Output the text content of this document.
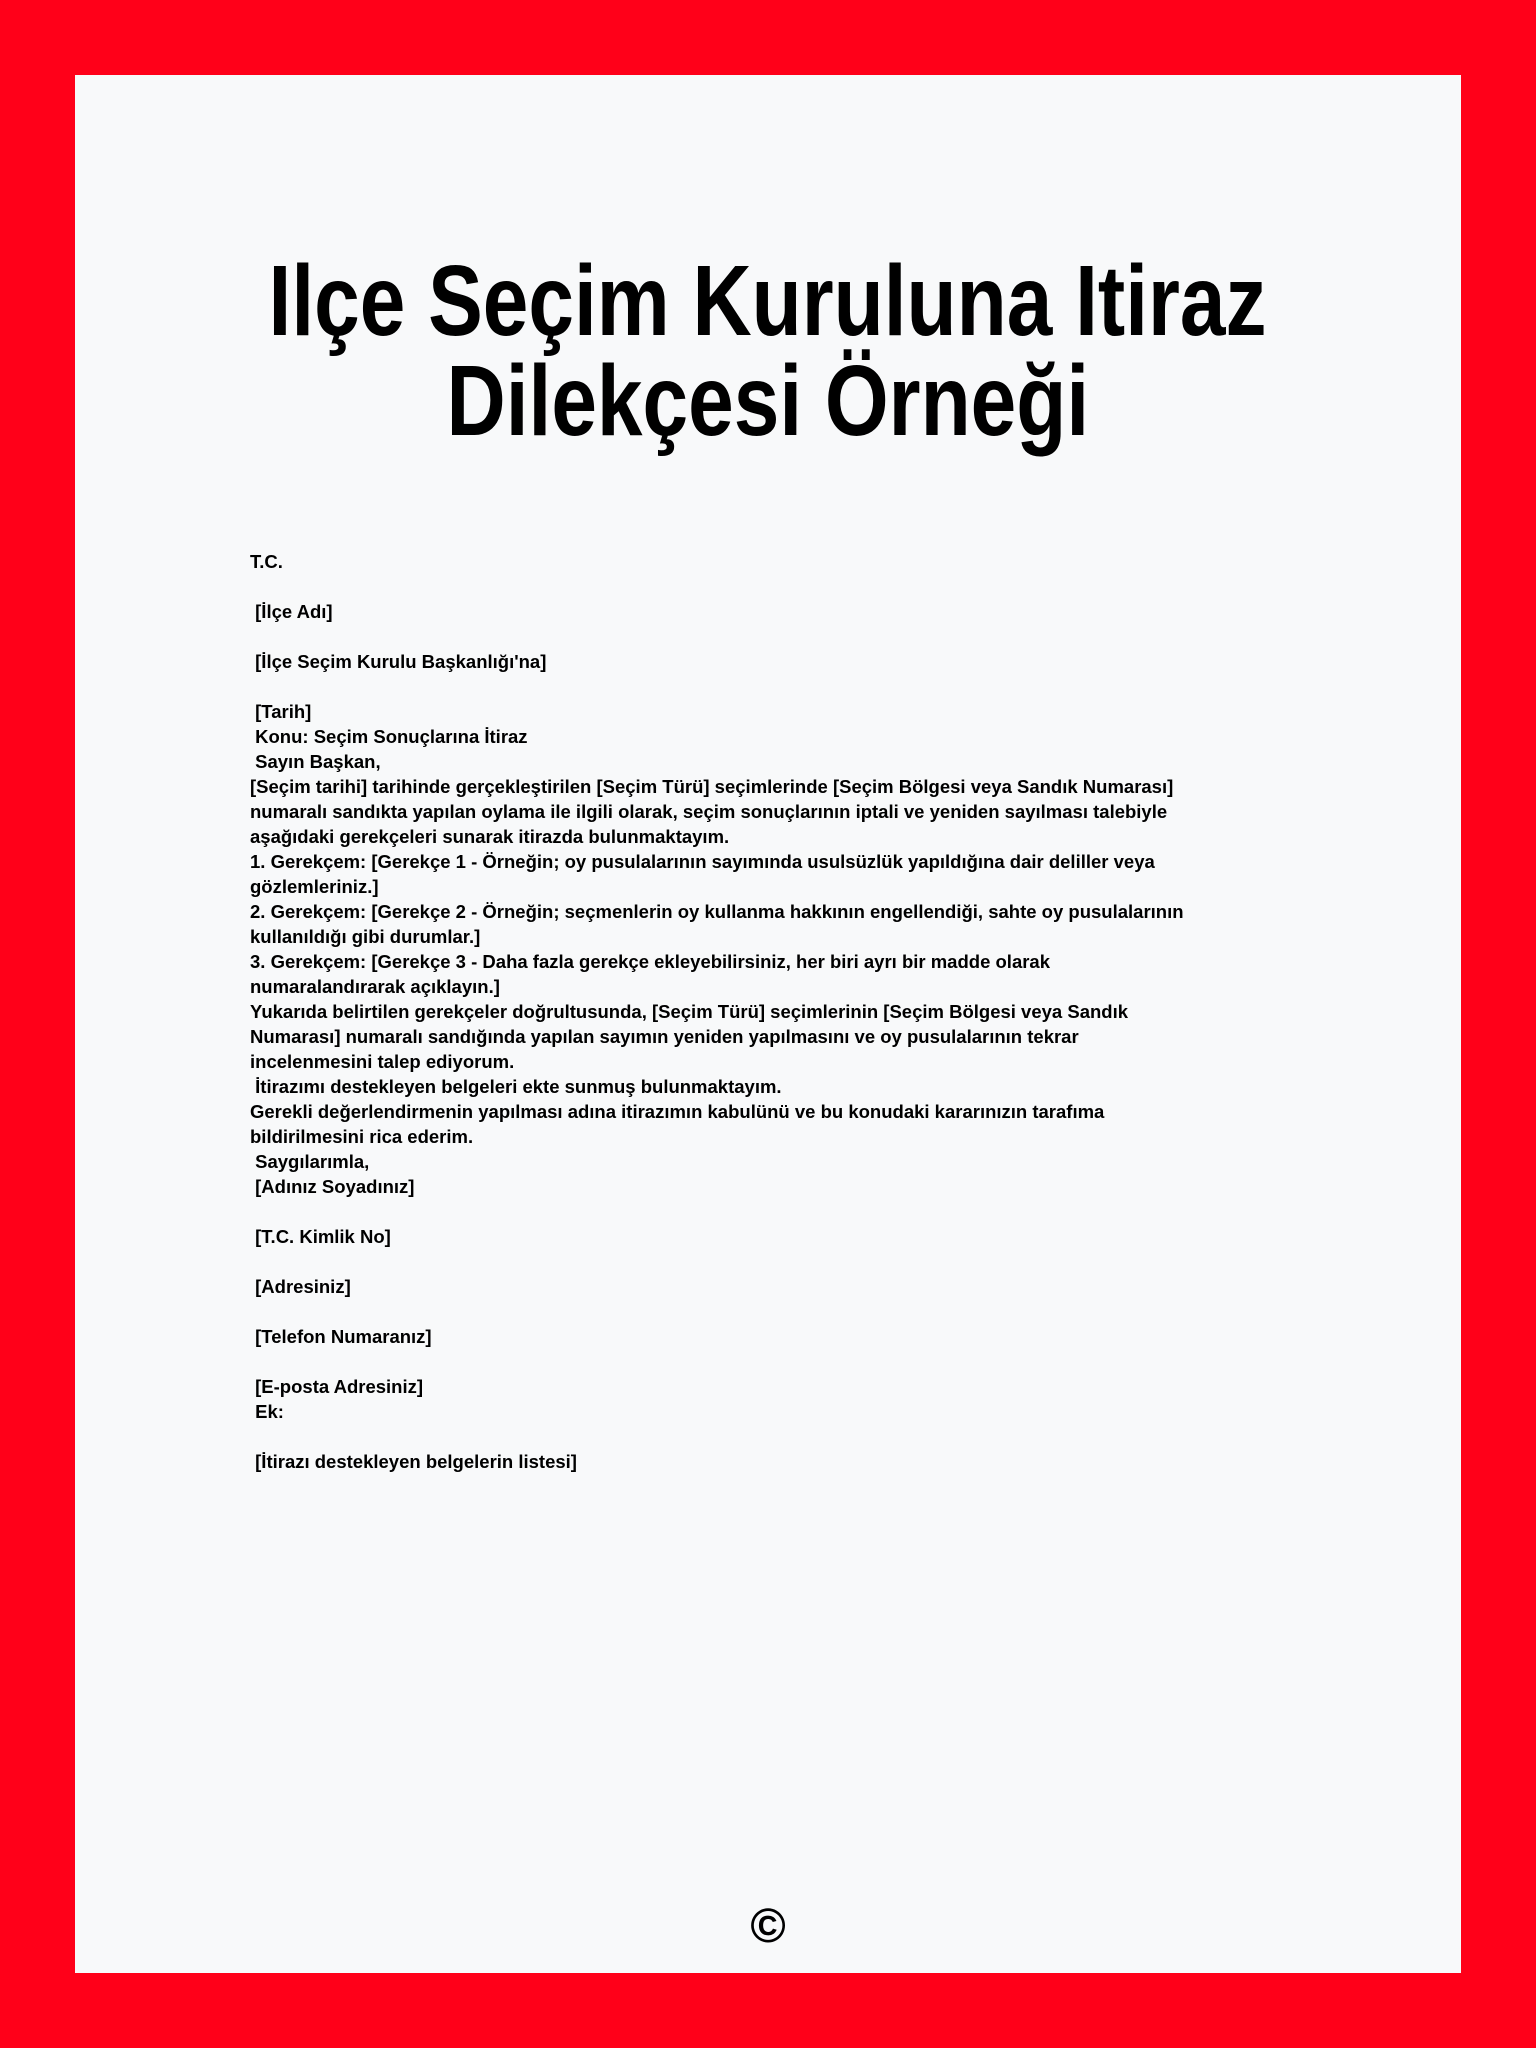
Ilçe Seçim Kuruluna Itiraz
Dilekçesi Örneği
T.C.
[İlçe Adı]
[İlçe Seçim Kurulu Başkanlığı'na]
[Tarih]
Konu: Seçim Sonuçlarına İtiraz
Sayın Başkan,
[Seçim tarihi] tarihinde gerçekleştirilen [Seçim Türü] seçimlerinde [Seçim Bölgesi veya Sandık Numarası]
numaralı sandıkta yapılan oylama ile ilgili olarak, seçim sonuçlarının iptali ve yeniden sayılması talebiyle
aşağıdaki gerekçeleri sunarak itirazda bulunmaktayım.
1. Gerekçem: [Gerekçe 1 - Örneğin; oy pusulalarının sayımında usulsüzlük yapıldığına dair deliller veya
gözlemleriniz.]
2. Gerekçem: [Gerekçe 2 - Örneğin; seçmenlerin oy kullanma hakkının engellendiği, sahte oy pusulalarının
kullanıldığı gibi durumlar.]
3. Gerekçem: [Gerekçe 3 - Daha fazla gerekçe ekleyebilirsiniz, her biri ayrı bir madde olarak
numaralandırarak açıklayın.]
Yukarıda belirtilen gerekçeler doğrultusunda, [Seçim Türü] seçimlerinin [Seçim Bölgesi veya Sandık
Numarası] numaralı sandığında yapılan sayımın yeniden yapılmasını ve oy pusulalarının tekrar
incelenmesini talep ediyorum.
İtirazımı destekleyen belgeleri ekte sunmuş bulunmaktayım.
Gerekli değerlendirmenin yapılması adına itirazımın kabulünü ve bu konudaki kararınızın tarafıma
bildirilmesini rica ederim.
Saygılarımla,
[Adınız Soyadınız]
[T.C. Kimlik No]
[Adresiniz]
[Telefon Numaranız]
[E-posta Adresiniz]
Ek:
[İtirazı destekleyen belgelerin listesi]
©
